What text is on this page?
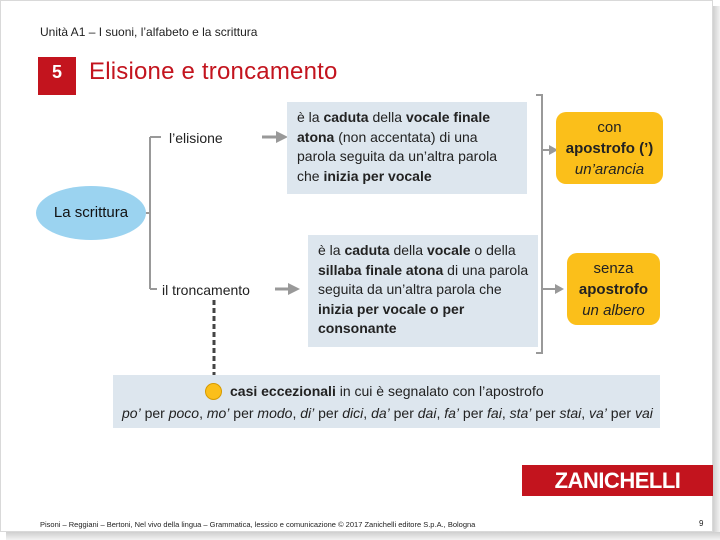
Unità A1 – I suoni, l’alfabeto e la scrittura
5	Elisione e troncamento
La scrittura
l’elisione
il troncamento
è la caduta della vocale finale atona (non accentata) di una parola seguita da un’altra parola che inizia per vocale
è la caduta della vocale o della sillaba finale atona di una parola seguita da un’altra parola che inizia per vocale o per consonante
con
apostrofo (’)
un’arancia
senza
apostrofo
un albero
casi eccezionali in cui è segnalato con l’apostrofo
po’ per poco, mo’ per modo, di’ per dici, da’ per dai, fa’ per fai, sta’ per stai, va’ per vai
ZANICHELLI
Pisoni – Reggiani – Bertoni, Nel vivo della lingua – Grammatica, lessico e comunicazione © 2017 Zanichelli editore S.p.A., Bologna	9
